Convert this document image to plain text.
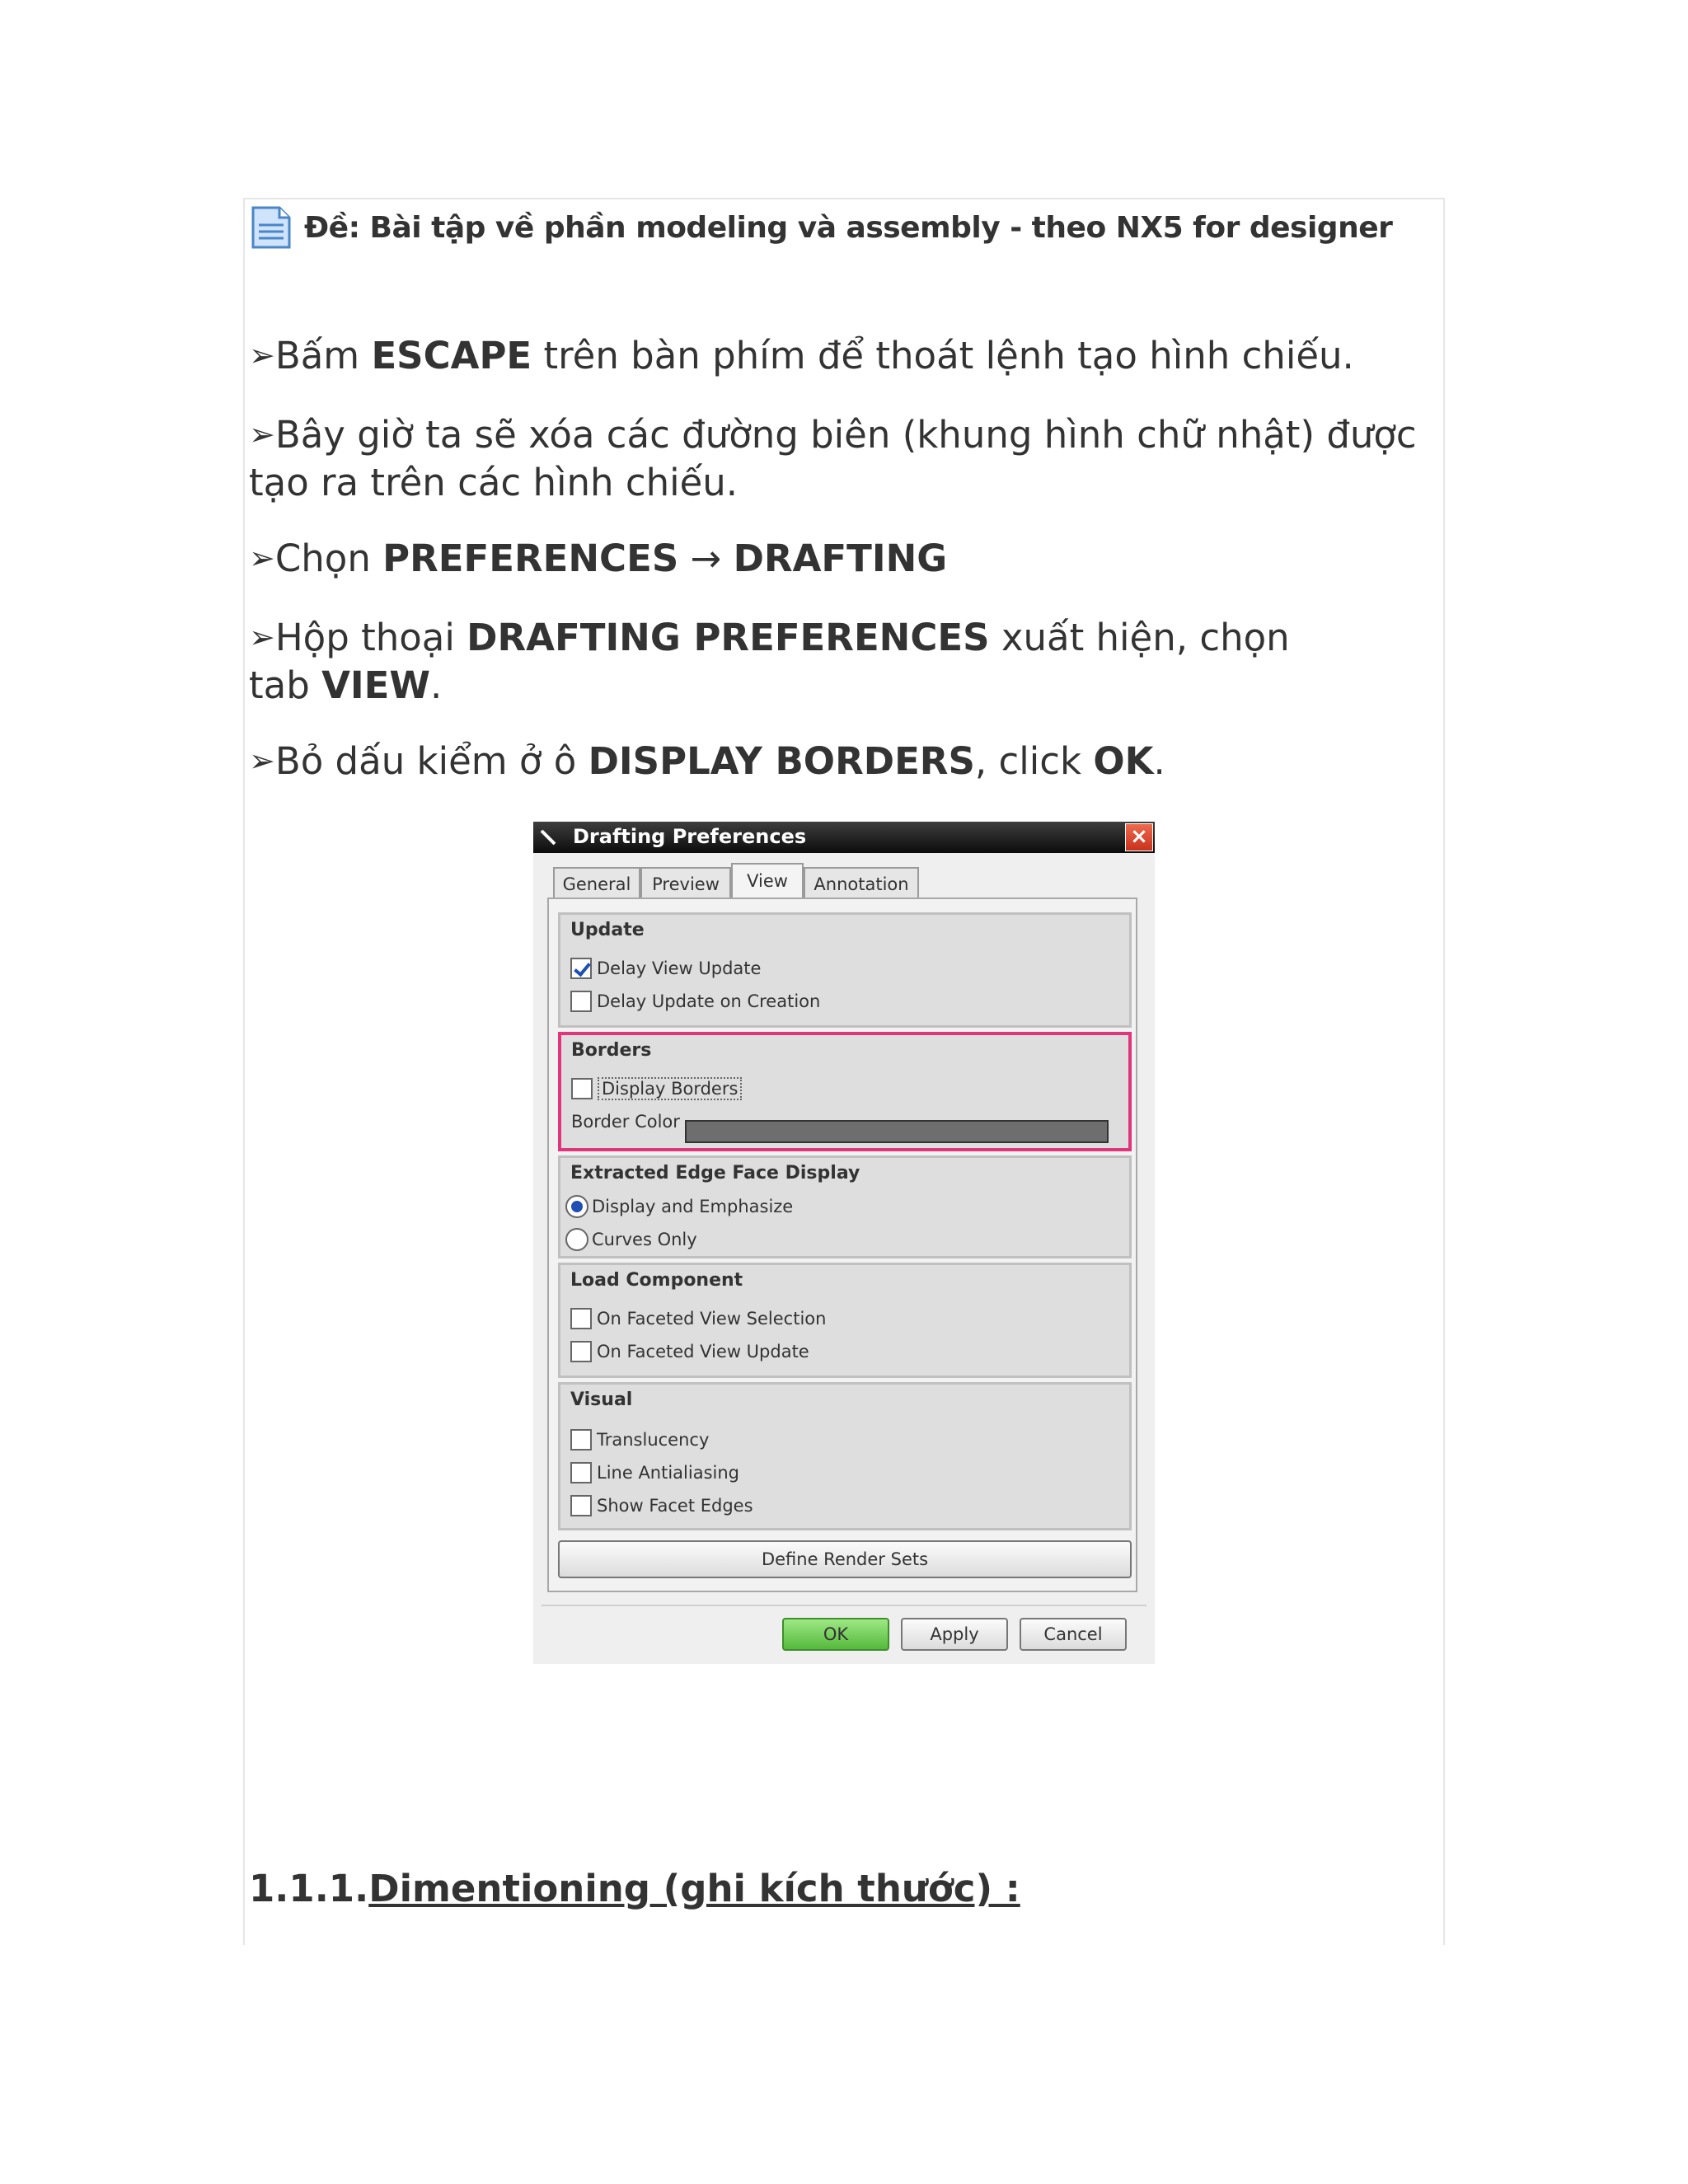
Đề: Bài tập về phần modeling và assembly - theo NX5 for designer

➢Bấm ESCAPE trên bàn phím để thoát lệnh tạo hình chiếu.

➢Bây giờ ta sẽ xóa các đường biên (khung hình chữ nhật) được
tạo ra trên các hình chiếu.

➢Chọn PREFERENCES → DRAFTING

➢Hộp thoại DRAFTING PREFERENCES xuất hiện, chọn
tab VIEW.

➢Bỏ dấu kiểm ở ô DISPLAY BORDERS, click OK.

Drafting Preferences	×
General	Preview	View	Annotation
Update
Delay View Update
Delay Update on Creation
Borders
Display Borders
Border Color
Extracted Edge Face Display
Display and Emphasize
Curves Only
Load Component
On Faceted View Selection
On Faceted View Update
Visual
Translucency
Line Antialiasing
Show Facet Edges
Define Render Sets
OK	Apply	Cancel
1.1.1.Dimentioning (ghi kích thước) :
